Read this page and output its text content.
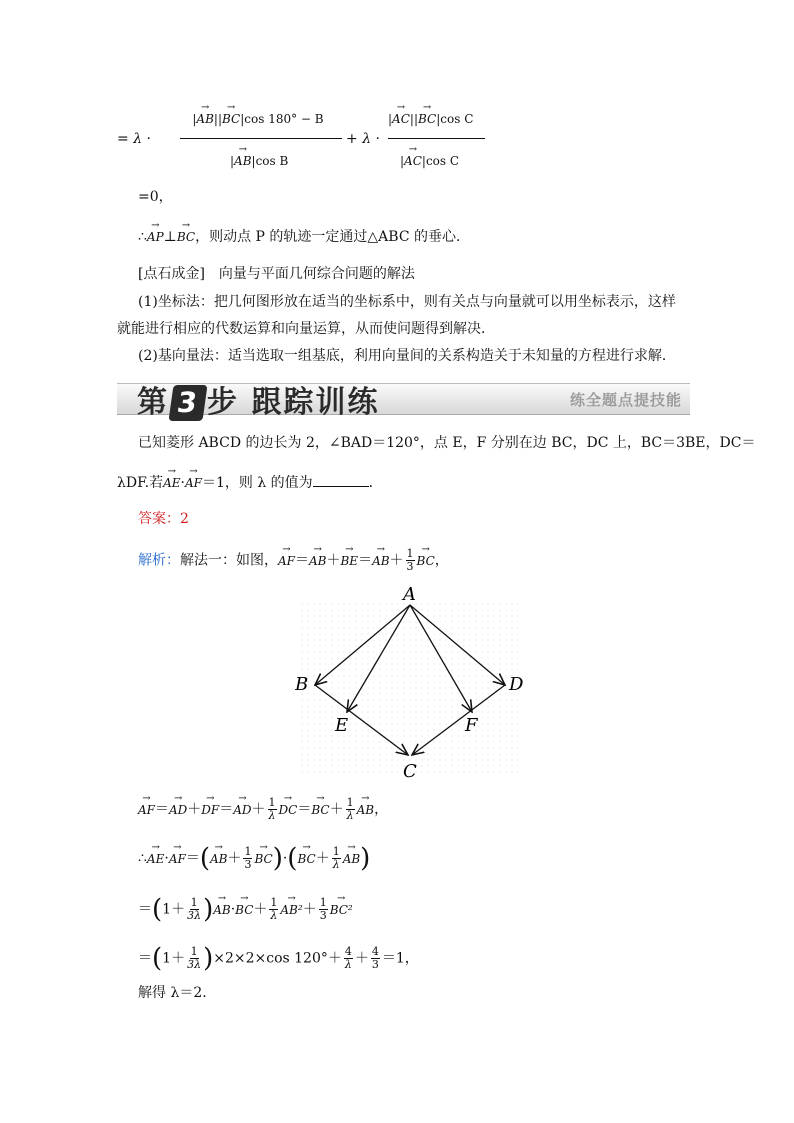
= λ ·
|→ AB||→ BC|cos 180° − B
|→ AB|cos B
+ λ ·
|→ AC||→ BC|cos C
|→ AC|cos C
=0，
∴→ AP⊥→ BC，则动点 P 的轨迹一定通过△ABC 的垂心．
[点石成金]　向量与平面几何综合问题的解法
(1)坐标法：把几何图形放在适当的坐标系中，则有关点与向量就可以用坐标表示，这样
就能进行相应的代数运算和向量运算，从而使问题得到解决．
(2)基向量法：适当选取一组基底，利用向量间的关系构造关于未知量的方程进行求解．
第 3 步 跟踪训练	练全题点提技能
已知菱形 ABCD 的边长为 2，∠BAD＝120°，点 E，F 分别在边 BC，DC 上，BC＝3BE，DC＝
λDF.若→ AE·→ AF＝1，则 λ 的值为	．
答案：2
解析：解法一：如图，→ $AF=\to AB+\to BE=\to AB+ \frac{1}{3}$
→ BC，
A
B	D
E	F
C
→ $AF=\to AD+\to DF=\to AD+ \frac{1}{\lambda}$
→ $DC=\to BC+ \frac{1}{\lambda}$
→ AB，
∴→ $AE\cdot\to AF=(\to AB+ \frac{1}{3}$
→ $BC)\cdot(\to BC+ \frac{1}{\lambda}$
→ AB)
$=(1+ \frac{1}{3\lambda}$ )→ $AB\cdot\to BC+ \frac{1}{\lambda}$
→ $AB^2+ \frac{1}{3}$
→ BC²
$=(1+ \frac{1}{3\lambda} )\times 2\times 2\times\cos$ $120^\circ+ \frac{4}{\lambda} + \frac{4}{3} =1$，
解得 λ＝2.
